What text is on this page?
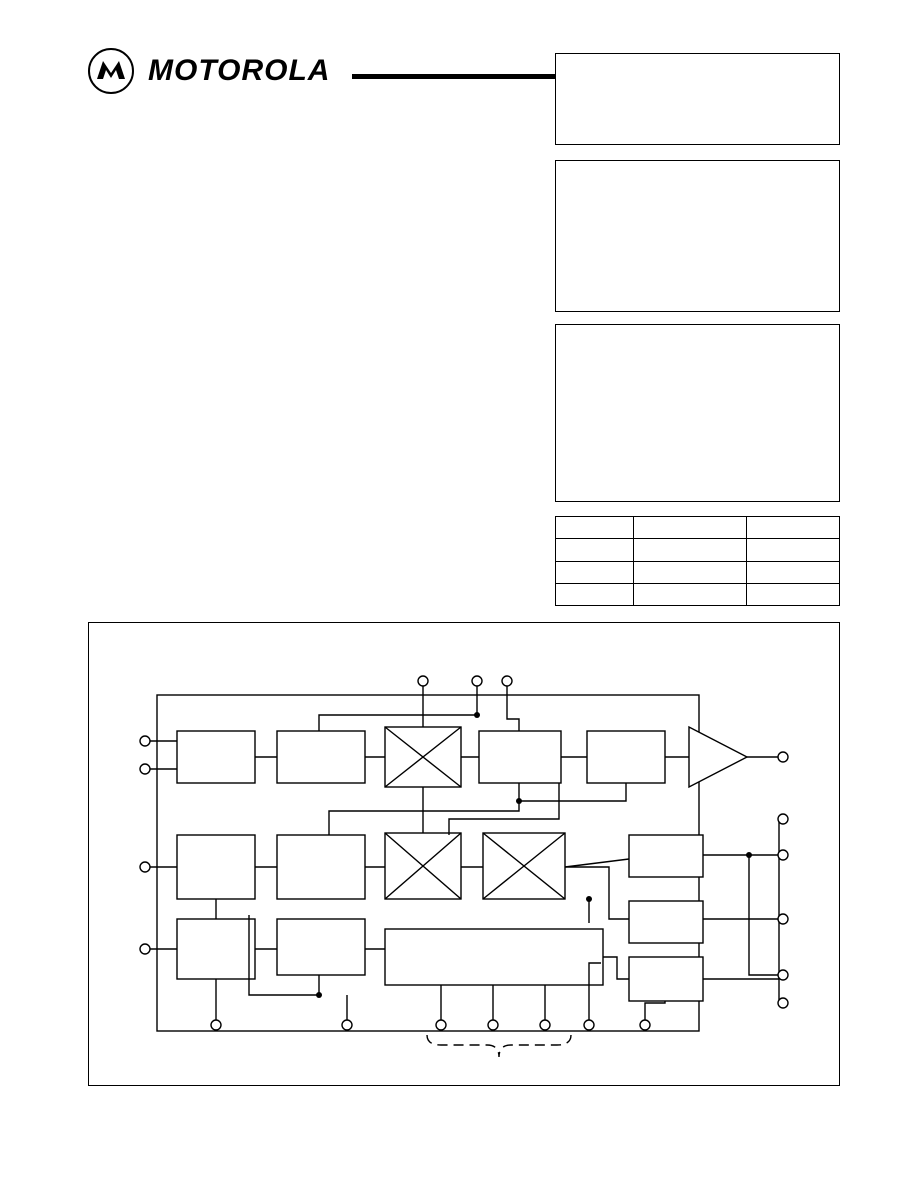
MOTOROLA
